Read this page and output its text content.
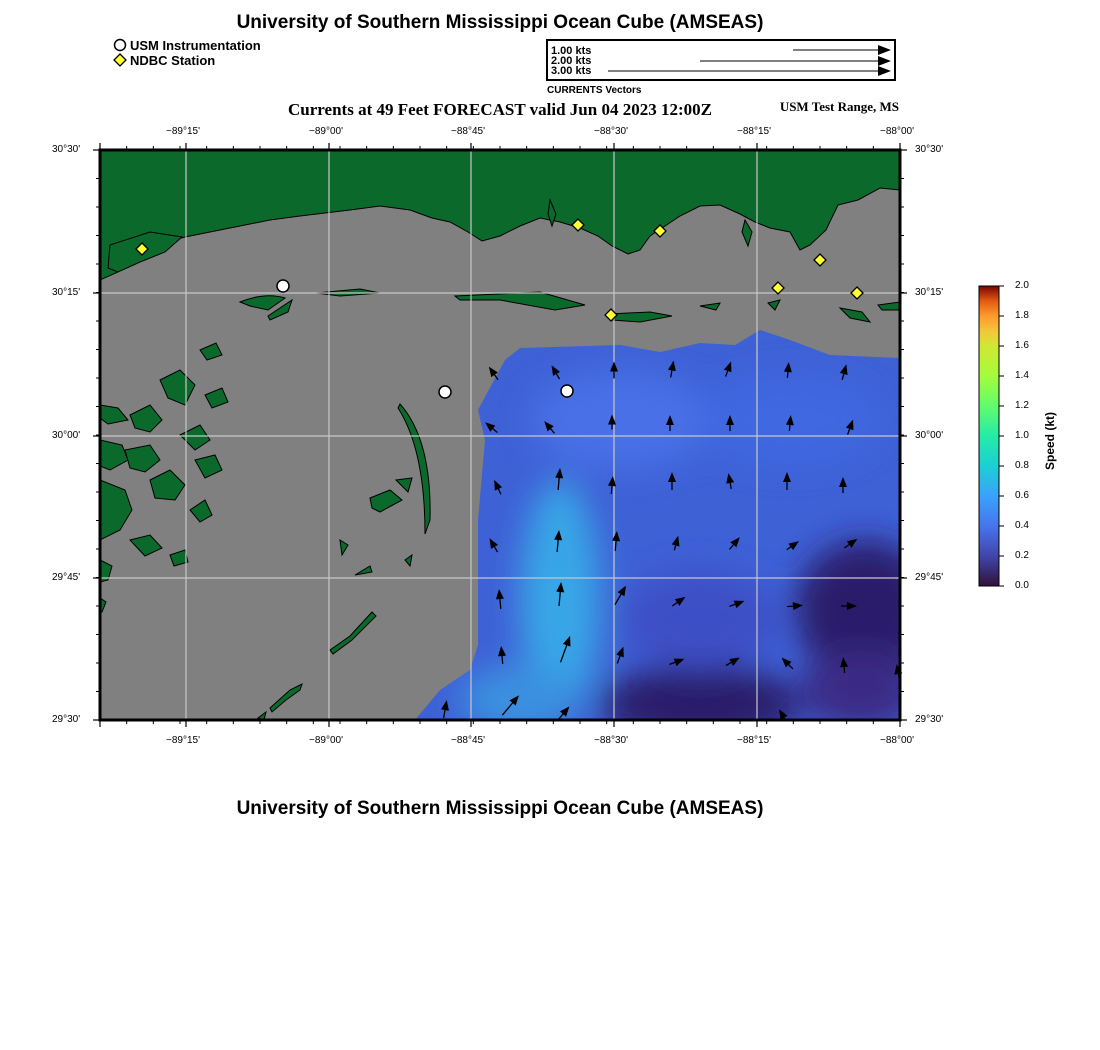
University of Southern Mississippi Ocean Cube (AMSEAS)
USM Instrumentation
NDBC Station
1.00 kts
2.00 kts
3.00 kts
CURRENTS Vectors
Currents at 49 Feet FORECAST valid Jun 04 2023 12:00Z	USM Test Range, MS
−89°15'	−89°00'	−88°45'	−88°30'	−88°15'	−88°00'
−89°15'	−89°00'	−88°45'	−88°30'	−88°15'	−88°00'
30°30'
30°15'
30°00'
29°45'
29°30'
30°30'
30°15'
30°00'
29°45'
29°30'
2.0
1.8
1.6
1.4
1.2
1.0
0.8
0.6
0.4
0.2
0.0
Speed (kt)
University of Southern Mississippi Ocean Cube (AMSEAS)
